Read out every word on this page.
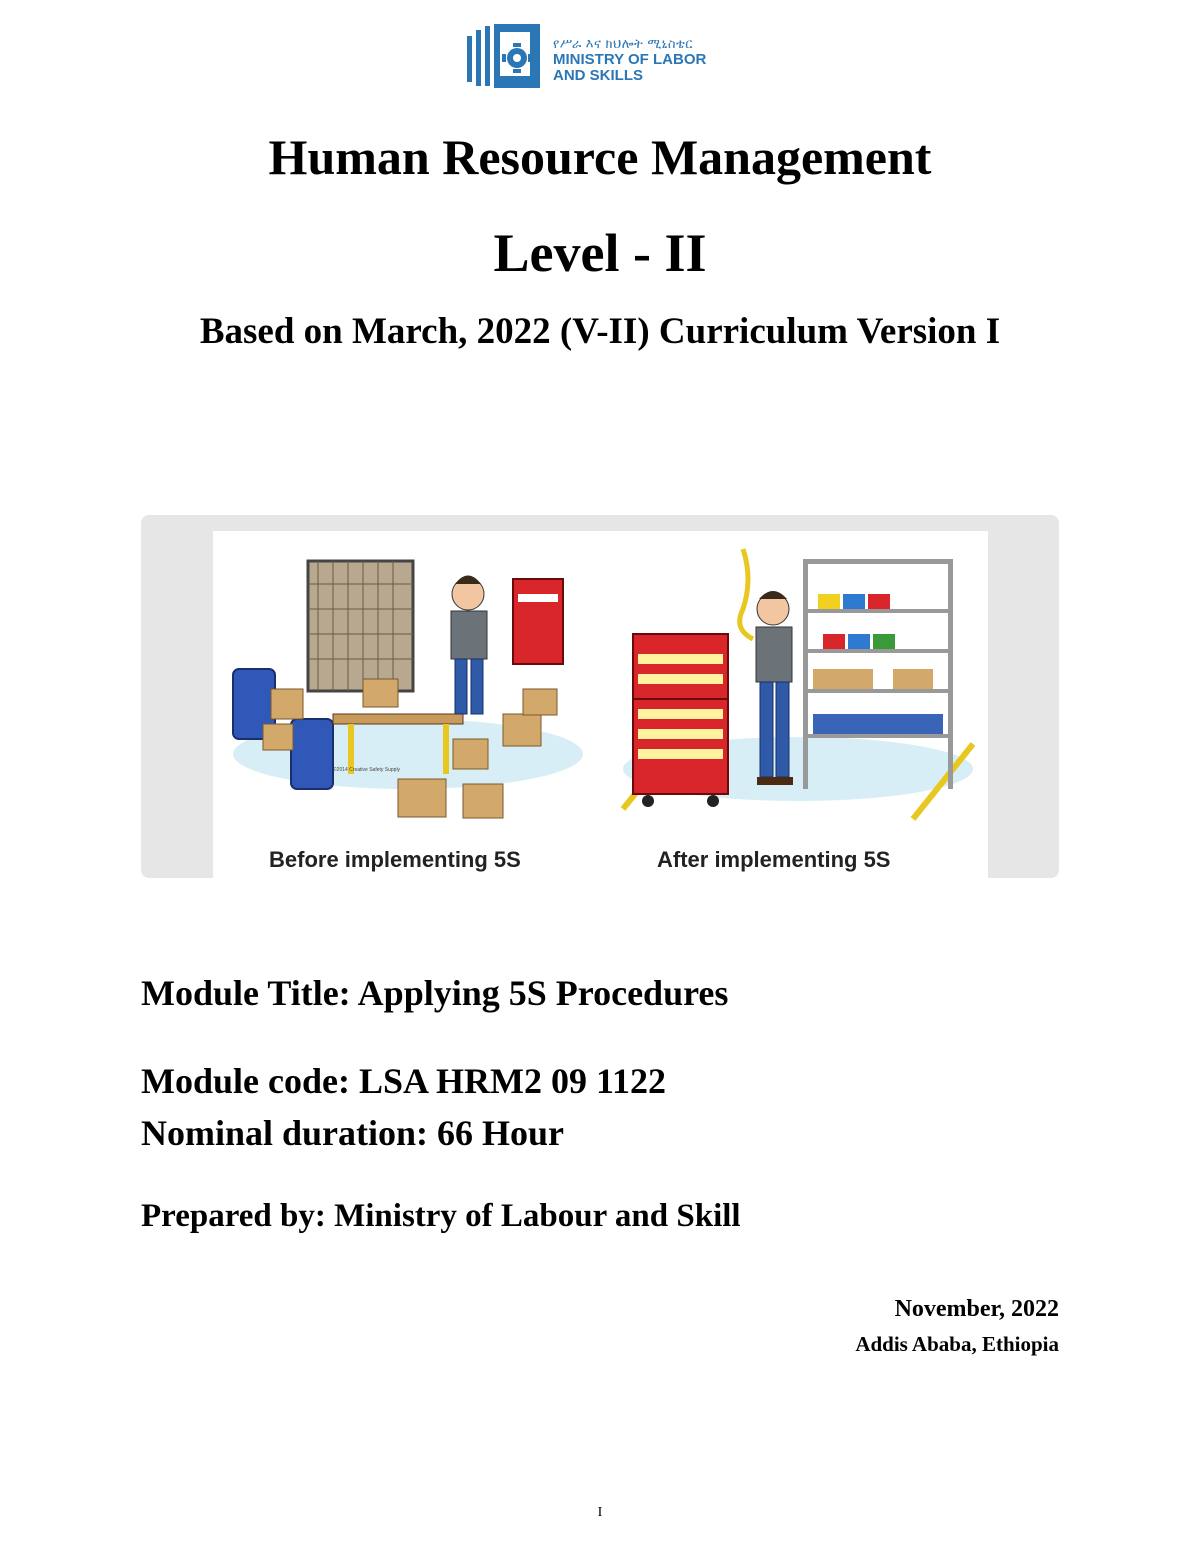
የሥራ እና ክህሎት ሚኒስቴር
MINISTRY OF LABOR
AND SKILLS
Human Resource Management
Level - II
Based on March, 2022 (V-II) Curriculum Version I
©2014 Creative Safety Supply
Before implementing 5S	After implementing 5S
Module Title: Applying 5S Procedures
Module code: LSA HRM2 09 1122
Nominal duration: 66 Hour
Prepared by: Ministry of Labour and Skill
November, 2022
Addis Ababa, Ethiopia
I
